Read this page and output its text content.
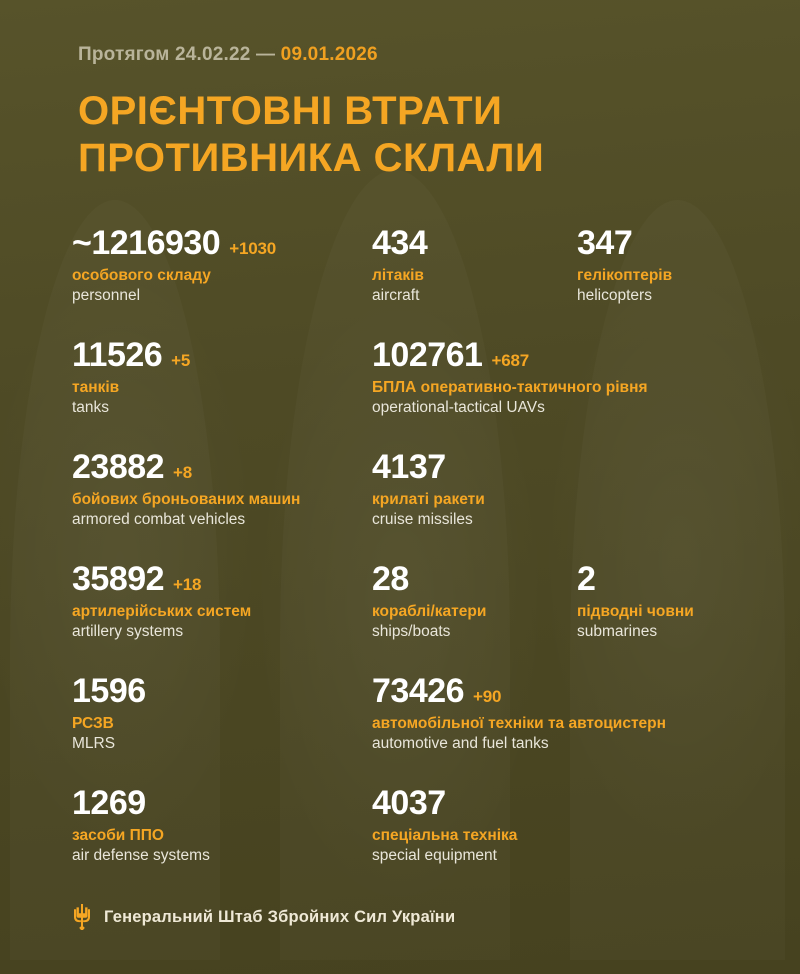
Протягом 24.02.22 — 09.01.2026
ОРІЄНТОВНІ ВТРАТИ
ПРОТИВНИКА СКЛАЛИ
~1216930 +1030
особового складу
personnel
434
літаків
aircraft
347
гелікоптерів
helicopters
11526 +5
танків
tanks
102761 +687
БПЛА оперативно-тактичного рівня
operational-tactical UAVs
23882 +8
бойових броньованих машин
armored combat vehicles
4137
крилаті ракети
cruise missiles
35892 +18
артилерійських систем
artillery systems
28
кораблі/катери
ships/boats
2
підводні човни
submarines
1596
РСЗВ
MLRS
73426 +90
автомобільної техніки та автоцистерн
automotive and fuel tanks
1269
засоби ППО
air defense systems
4037
спеціальна техніка
special equipment
Генеральний Штаб Збройних Сил України
